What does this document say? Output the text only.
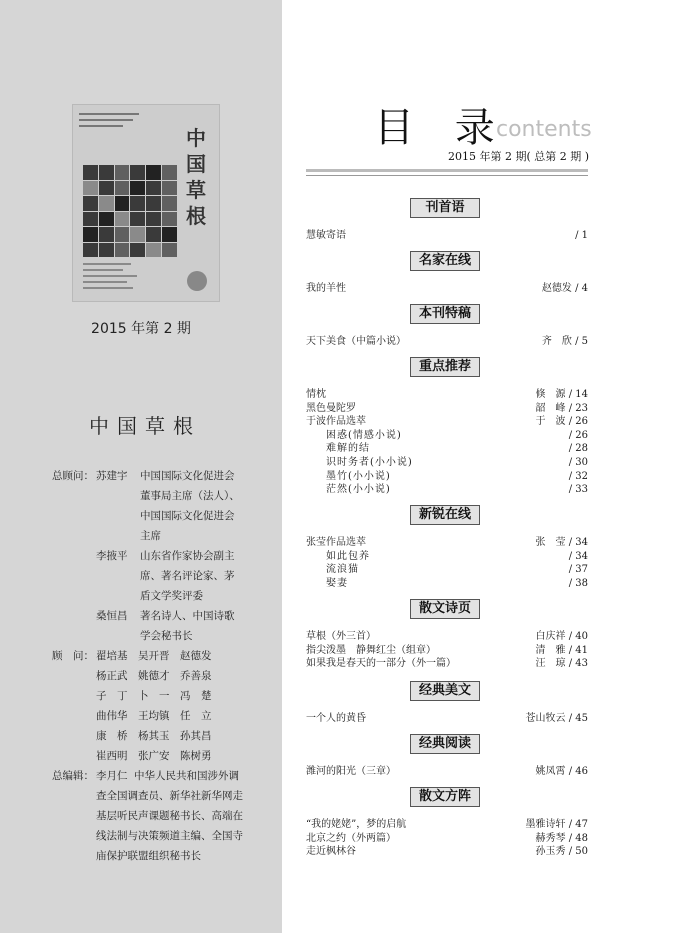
中国草根
2015 年第 2 期
中国草根
总顾问： 苏建宇 中国国际文化促进会
董事局主席（法人）、
中国国际文化促进会
主席
李掖平 山东省作家协会副主
席、著名评论家、茅
盾文学奖评委
桑恒昌 著名诗人、中国诗歌
学会秘书长
顾　问： 翟培基　吴开晋　赵德发
杨正武　姚德才　乔善泉
子　丁　卜　一　冯　楚
曲伟华　王均镇　任　立
康　桥　杨其玉　孙其昌
崔西明　张广安　陈树勇
总编辑： 李月仁 中华人民共和国涉外调
查全国调查员、新华社新华网走
基层听民声课题秘书长、高端在
线法制与决策频道主编、全国寺
庙保护联盟组织秘书长
目 录
contents
2015 年第 2 期( 总第 2 期 )
刊首语
慧敏寄语	/ 1
名家在线
我的羊性	赵德发 / 4
本刊特稿
天下美食（中篇小说）	齐　欣 / 5
重点推荐
情枕	倏　源 / 14
黑色曼陀罗	韶　峰 / 23
于波作品选萃	于　波 / 26
困惑(情感小说)	/ 26
难解的结	/ 28
识时务者(小小说)	/ 30
墨竹(小小说)	/ 32
茫然(小小说)	/ 33
新锐在线
张莹作品选萃	张　莹 / 34
如此包养	/ 34
流浪猫	/ 37
娶妻	/ 38
散文诗页
草根（外三首）	白庆祥 / 40
指尖泼墨　静舞红尘（组章）	清　雅 / 41
如果我是春天的一部分（外一篇）	汪　琼 / 43
经典美文
一个人的黄昏	苍山牧云 / 45
经典阅读
潍河的阳光（三章）	姚凤霄 / 46
散文方阵
“我的姥姥”，梦的启航	墨雅诗轩 / 47
北京之约（外两篇）	赫秀琴 / 48
走近枫林谷	孙玉秀 / 50
